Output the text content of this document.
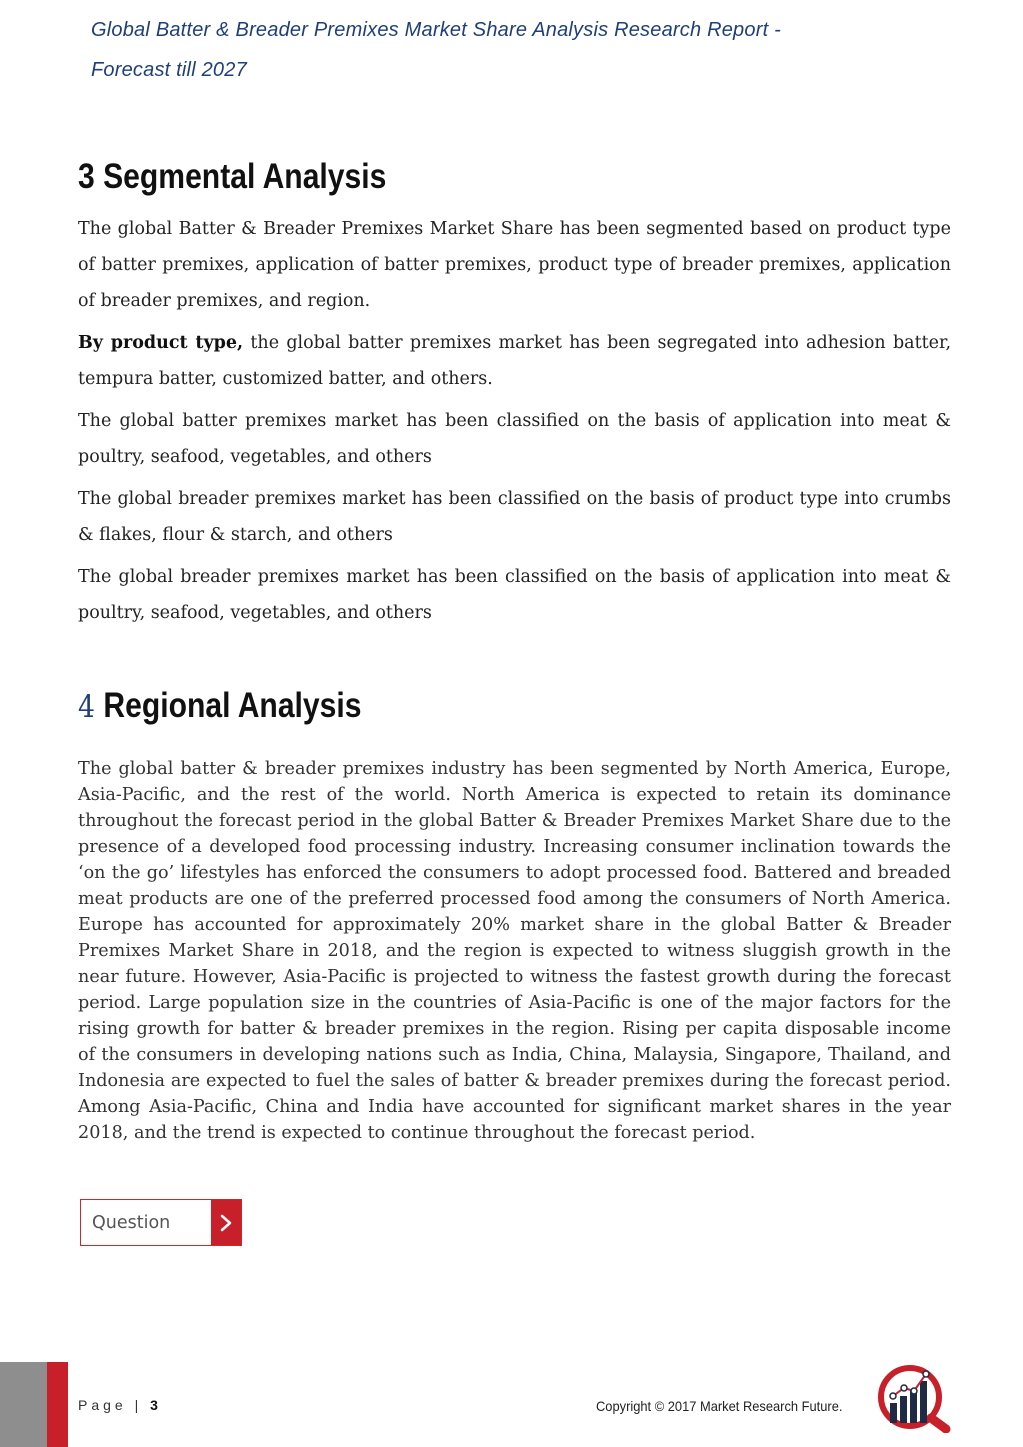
Global Batter & Breader Premixes Market Share Analysis Research Report - Forecast till 2027
3 Segmental Analysis

The global Batter & Breader Premixes Market Share has been segmented based on product type of batter premixes, application of batter premixes, product type of breader premixes, application of breader premixes, and region.

By product type, the global batter premixes market has been segregated into adhesion batter, tempura batter, customized batter, and others.

The global batter premixes market has been classified on the basis of application into meat & poultry, seafood, vegetables, and others

The global breader premixes market has been classified on the basis of product type into crumbs & flakes, flour & starch, and others

The global breader premixes market has been classified on the basis of application into meat & poultry, seafood, vegetables, and others

4 Regional Analysis

The global batter & breader premixes industry has been segmented by North America, Europe, Asia-Pacific, and the rest of the world. North America is expected to retain its dominance throughout the forecast period in the global Batter & Breader Premixes Market Share due to the presence of a developed food processing industry. Increasing consumer inclination towards the ‘on the go’ lifestyles has enforced the consumers to adopt processed food. Battered and breaded meat products are one of the preferred processed food among the consumers of North America. Europe has accounted for approximately 20% market share in the global Batter & Breader Premixes Market Share in 2018, and the region is expected to witness sluggish growth in the near future. However, Asia-Pacific is projected to witness the fastest growth during the forecast period. Large population size in the countries of Asia-Pacific is one of the major factors for the rising growth for batter & breader premixes in the region. Rising per capita disposable income of the consumers in developing nations such as India, China, Malaysia, Singapore, Thailand, and Indonesia are expected to fuel the sales of batter & breader premixes during the forecast period. Among Asia-Pacific, China and India have accounted for significant market shares in the year 2018, and the trend is expected to continue throughout the forecast period.

Question
Page | 3	Copyright © 2017 Market Research Future.
